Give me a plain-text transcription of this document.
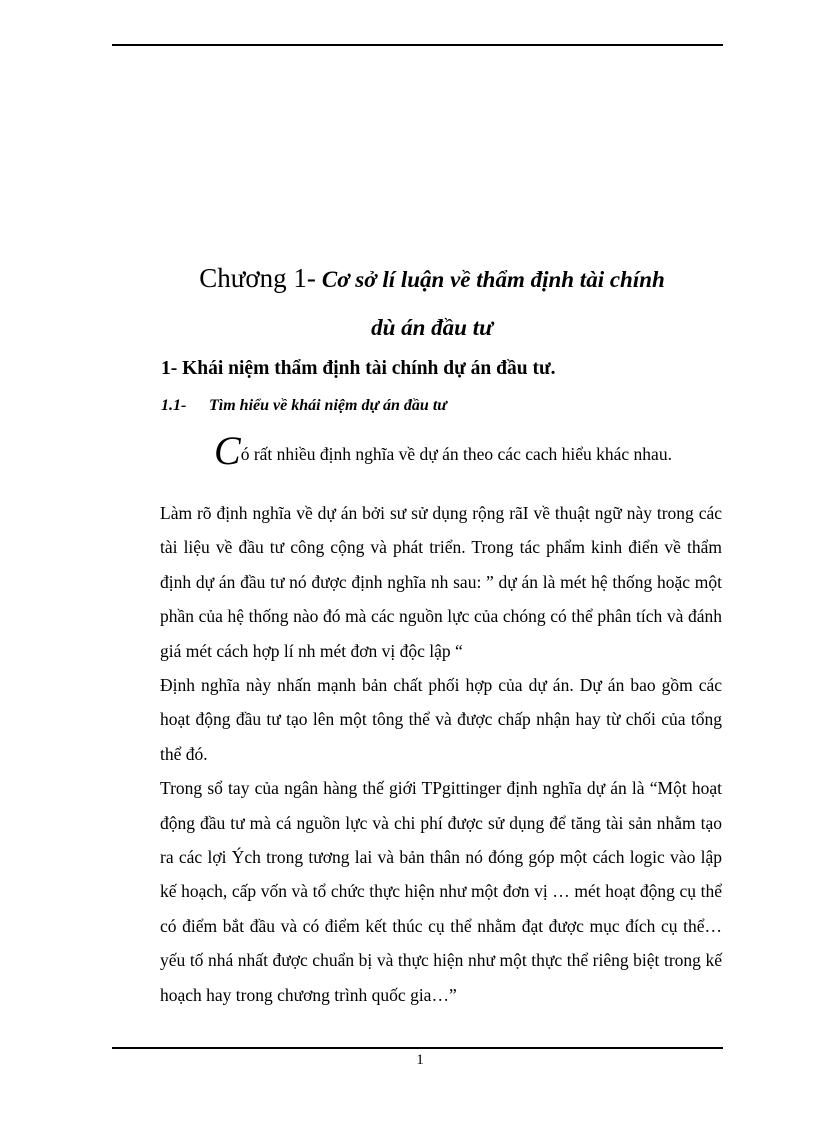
Chương 1- Cơ sở lí luận về thẩm định tài chính
dù án đầu tư
1- Khái niệm thẩm định tài chính dự án đầu tư.
1.1- Tìm hiểu về khái niệm dự án đầu tư
Có rất nhiều định nghĩa về dự án theo các cach hiểu khác nhau.

Làm rõ định nghĩa về dự án bởi sư sử dụng rộng rãI về thuật ngữ này trong các tài liệu về đầu tư công cộng và phát triển. Trong tác phẩm kinh điển về thẩm định dự án đầu tư nó được định nghĩa nh sau: ” dự án là mét hệ thống hoặc một phần của hệ thống nào đó mà các nguồn lực của chóng có thể phân tích và đánh giá mét cách hợp lí nh mét đơn vị độc lập “

Định nghĩa này nhấn mạnh bản chất phối hợp của dự án. Dự án bao gồm các hoạt động đầu tư tạo lên một tông thể và được chấp nhận hay từ chối của tổng thể đó.

Trong sổ tay của ngân hàng thế giới TPgittinger định nghĩa dự án là “Một hoạt động đầu tư mà cá nguồn lực và chi phí được sử dụng để tăng tài sản nhằm tạo ra các lợi Ých trong tương lai và bản thân nó đóng góp một cách logic vào lập kế hoạch, cấp vốn và tổ chức thực hiện như một đơn vị … mét hoạt động cụ thể có điểm bắt đầu và có điểm kết thúc cụ thể nhằm đạt được mục đích cụ thể… yếu tố nhá nhất được chuẩn bị và thực hiện như một thực thể riêng biệt trong kế hoạch hay trong chương trình quốc gia…”

1
